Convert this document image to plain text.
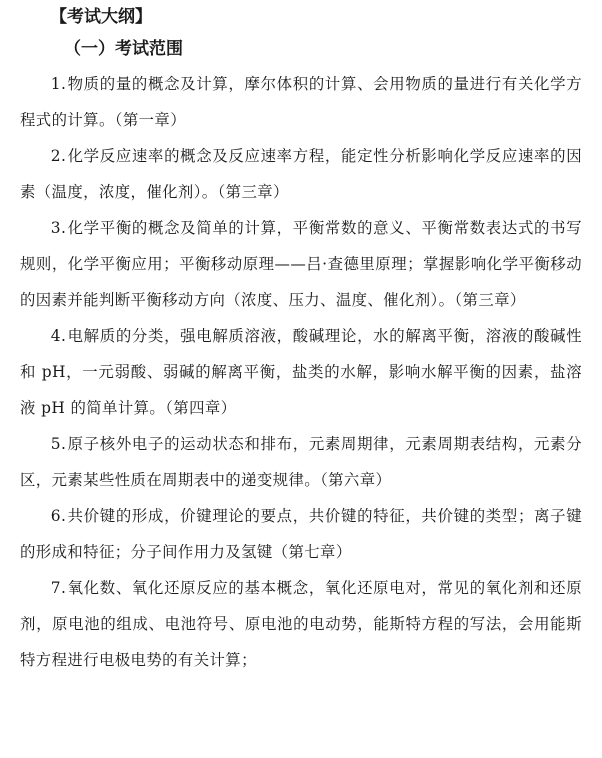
【考试大纲】
（一）考试范围

1.物质的量的概念及计算，摩尔体积的计算、会用物质的量进行有关化学方程式的计算。（第一章）

2.化学反应速率的概念及反应速率方程，能定性分析影响化学反应速率的因素（温度，浓度，催化剂）。（第三章）

3.化学平衡的概念及简单的计算，平衡常数的意义、平衡常数表达式的书写规则，化学平衡应用；平衡移动原理——吕·查德里原理；掌握影响化学平衡移动的因素并能判断平衡移动方向（浓度、压力、温度、催化剂）。（第三章）

4.电解质的分类，强电解质溶液，酸碱理论，水的解离平衡，溶液的酸碱性和 pH，一元弱酸、弱碱的解离平衡，盐类的水解，影响水解平衡的因素，盐溶液 pH 的简单计算。（第四章）

5.原子核外电子的运动状态和排布，元素周期律，元素周期表结构，元素分区，元素某些性质在周期表中的递变规律。（第六章）

6.共价键的形成，价键理论的要点，共价键的特征，共价键的类型；离子键的形成和特征；分子间作用力及氢键（第七章）

7.氧化数、氧化还原反应的基本概念，氧化还原电对，常见的氧化剂和还原剂，原电池的组成、电池符号、原电池的电动势，能斯特方程的写法，会用能斯特方程进行电极电势的有关计算；
